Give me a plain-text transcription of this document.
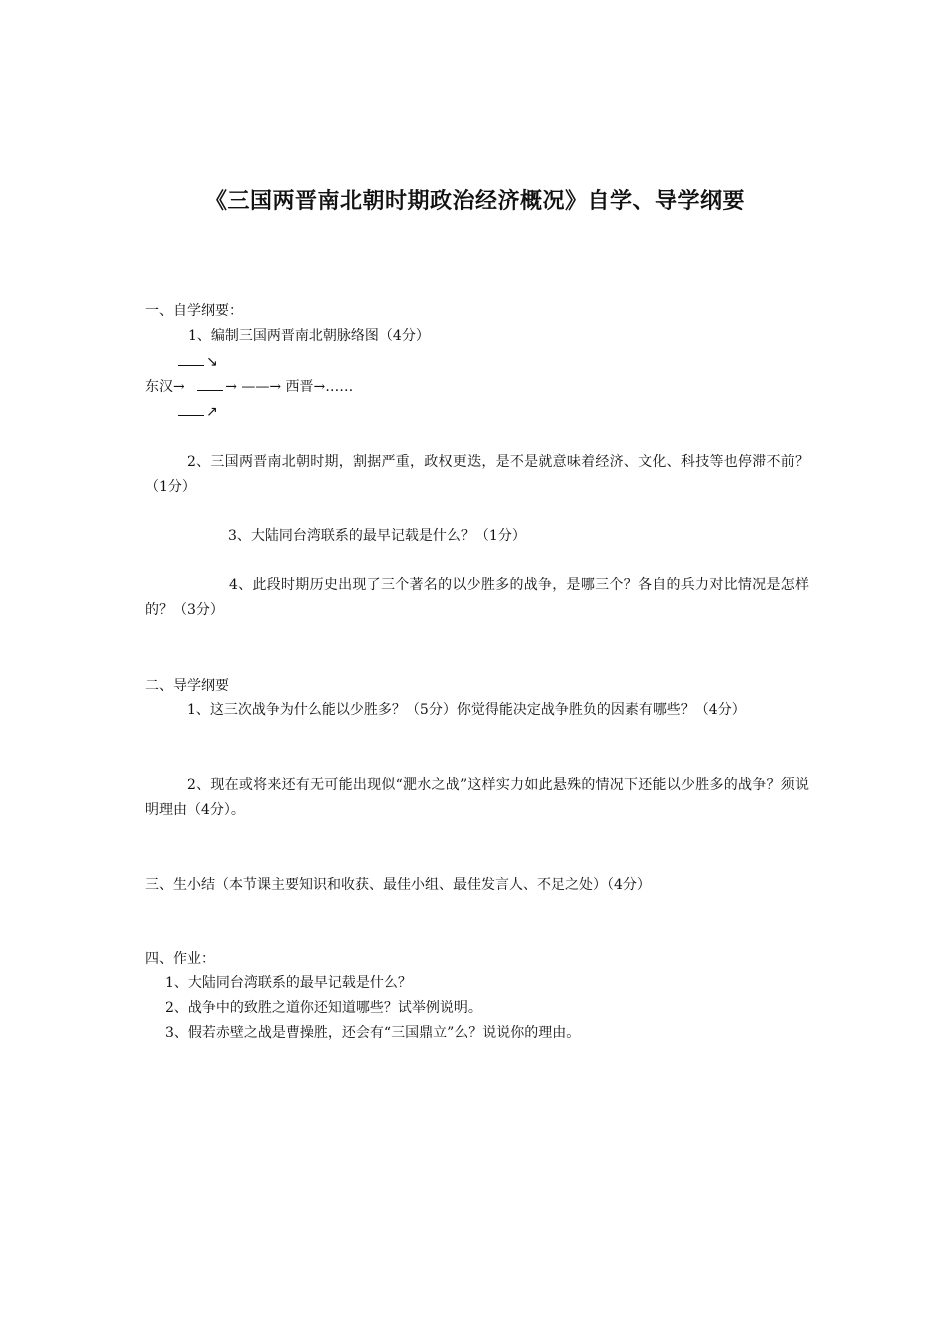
《三国两晋南北朝时期政治经济概况》自学、导学纲要
一、自学纲要：
1、编制三国两晋南北朝脉络图（4分）
↘
东汉→	→ ——→ 西晋→……
↗
2、三国两晋南北朝时期，割据严重，政权更迭，是不是就意味着经济、文化、科技等也停滞不前？（1分）
3、大陆同台湾联系的最早记载是什么？（1分）
4、此段时期历史出现了三个著名的以少胜多的战争，是哪三个？各自的兵力对比情况是怎样的？（3分）
二、导学纲要
1、这三次战争为什么能以少胜多？（5分）你觉得能决定战争胜负的因素有哪些？（4分）
2、现在或将来还有无可能出现似“淝水之战”这样实力如此悬殊的情况下还能以少胜多的战争？须说明理由（4分）。
三、生小结（本节课主要知识和收获、最佳小组、最佳发言人、不足之处）（4分）
四、作业：
1、大陆同台湾联系的最早记载是什么？
2、战争中的致胜之道你还知道哪些？试举例说明。
3、假若赤壁之战是曹操胜，还会有“三国鼎立”么？说说你的理由。
